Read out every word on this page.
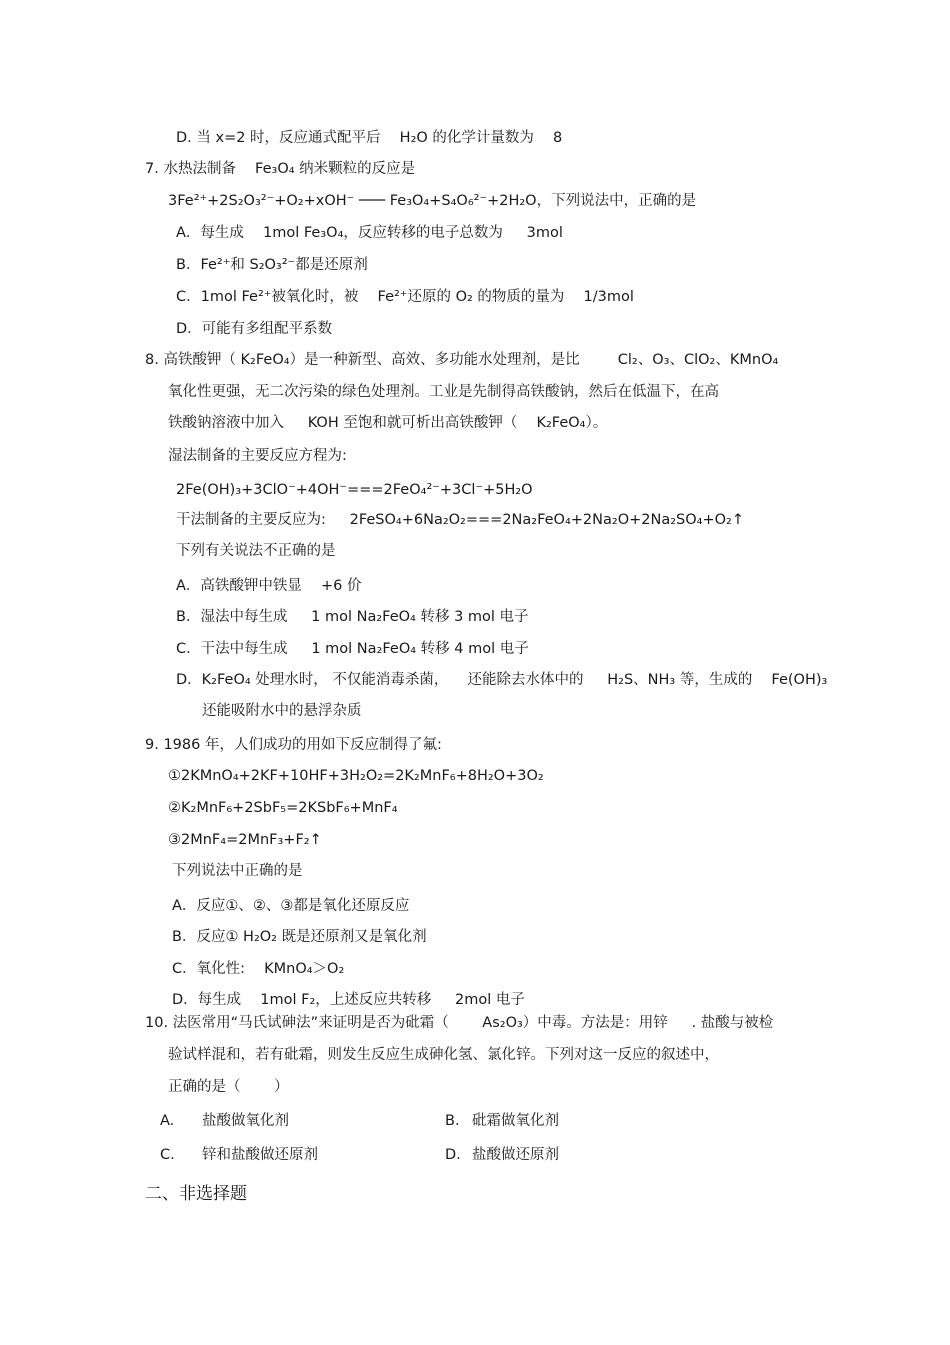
D. 当 x=2 时，反应通式配平后 　H₂O 的化学计量数为 　8
7. 水热法制备 　Fe₃O₄ 纳米颗粒的反应是
3Fe²⁺+2S₂O₃²⁻+O₂+xOH⁻ ─── Fe₃O₄+S₄O₆²⁻+2H₂O，下列说法中，正确的是
A．每生成 　1mol Fe₃O₄，反应转移的电子总数为 　 3mol
B．Fe²⁺和 S₂O₃²⁻都是还原剂
C．1mol Fe²⁺被氧化时，被 　Fe²⁺还原的 O₂ 的物质的量为 　1/3mol
D．可能有多组配平系数
8. 高铁酸钾（ K₂FeO₄）是一种新型、高效、多功能水处理剂，是比 　　 Cl₂、O₃、ClO₂、KMnO₄
氧化性更强，无二次污染的绿色处理剂。工业是先制得高铁酸钠，然后在低温下，在高
铁酸钠溶液中加入 　 KOH 至饱和就可析出高铁酸钾（ 　K₂FeO₄）。
湿法制备的主要反应方程为:
2Fe(OH)₃+3ClO⁻+4OH⁻===2FeO₄²⁻+3Cl⁻+5H₂O
干法制备的主要反应为: 　 2FeSO₄+6Na₂O₂===2Na₂FeO₄+2Na₂O+2Na₂SO₄+O₂↑
下列有关说法不正确的是
A．高铁酸钾中铁显 　+6 价
B．湿法中每生成 　 1 mol Na₂FeO₄ 转移 3 mol 电子
C．干法中每生成 　 1 mol Na₂FeO₄ 转移 4 mol 电子
D．K₂FeO₄ 处理水时， 不仅能消毒杀菌， 　还能除去水体中的 　 H₂S、NH₃ 等，生成的 　Fe(OH)₃
还能吸附水中的悬浮杂质
9. 1986 年，人们成功的用如下反应制得了氟:
①2KMnO₄+2KF+10HF+3H₂O₂=2K₂MnF₆+8H₂O+3O₂
②K₂MnF₆+2SbF₅=2KSbF₆+MnF₄
③2MnF₄=2MnF₃+F₂↑
下列说法中正确的是
A．反应①、②、③都是氧化还原反应
B．反应① H₂O₂ 既是还原剂又是氧化剂
C．氧化性: 　KMnO₄＞O₂
D．每生成 　1mol F₂，上述反应共转移 　 2mol 电子
10. 法医常用“马氏试砷法”来证明是否为砒霜（ 　　As₂O₃）中毒。方法是：用锌 　 . 盐酸与被检
验试样混和，若有砒霜，则发生反应生成砷化氢、氯化锌。下列对这一反应的叙述中，
正确的是（ 　　）
A. 盐酸做氧化剂	B. 砒霜做氧化剂
C. 锌和盐酸做还原剂	D. 盐酸做还原剂
二、非选择题
